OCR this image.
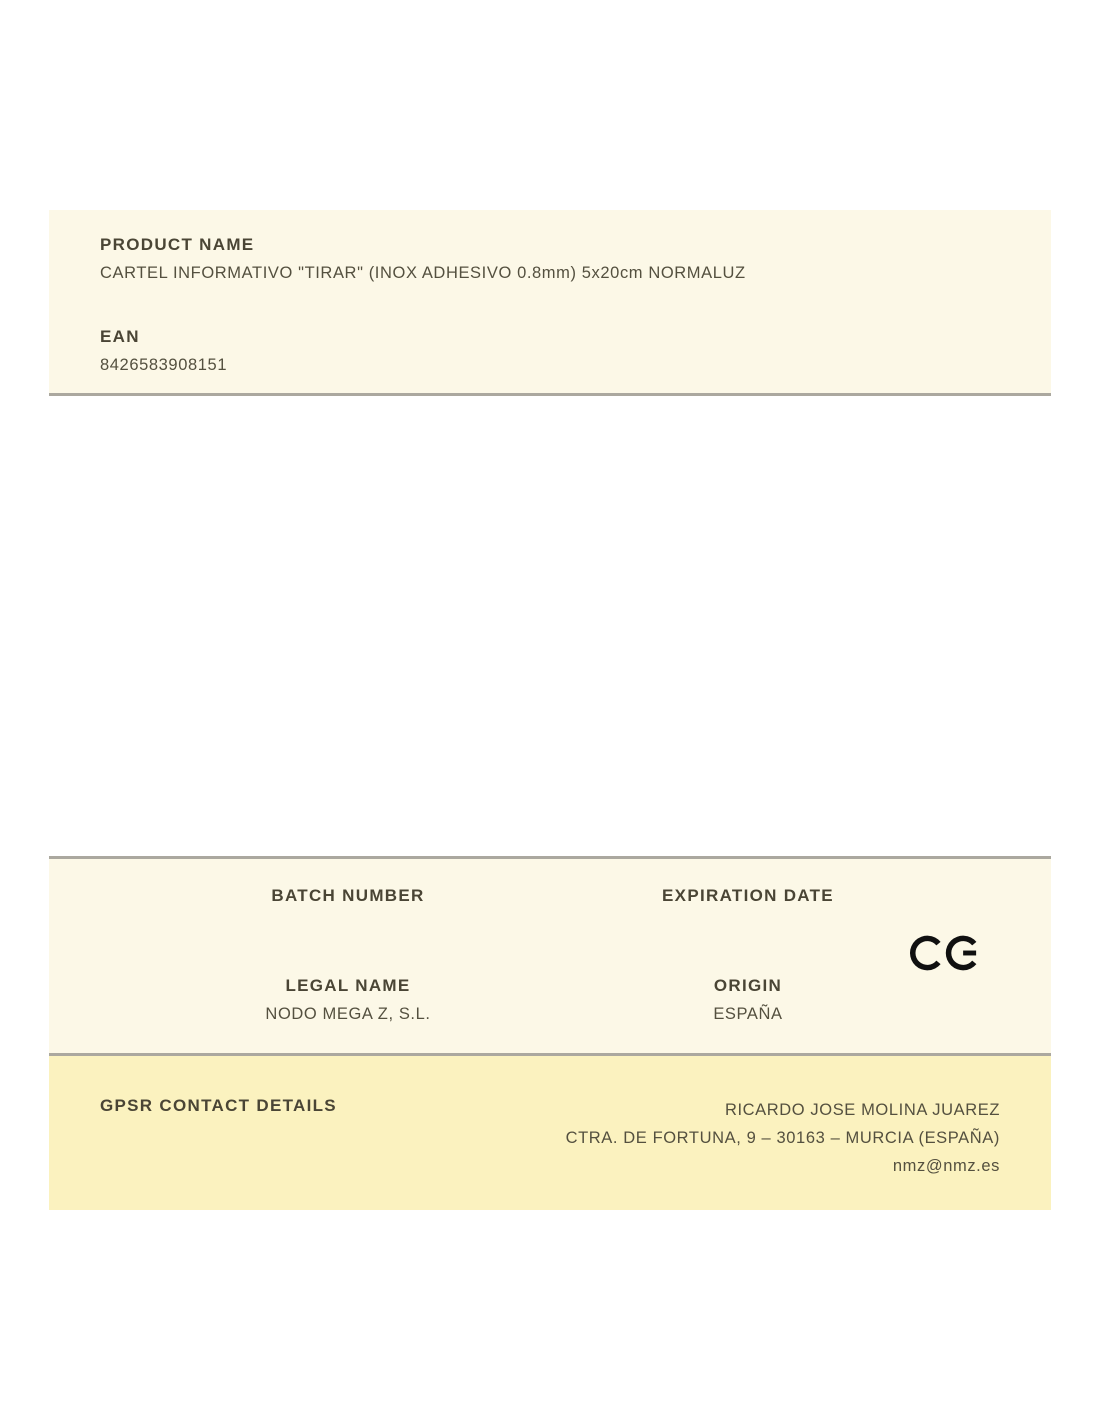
PRODUCT NAME
CARTEL INFORMATIVO "TIRAR" (INOX ADHESIVO 0.8mm) 5x20cm NORMALUZ
EAN
8426583908151
BATCH NUMBER	EXPIRATION DATE
LEGAL NAME
NODO MEGA Z, S.L.
ORIGIN
ESPAÑA
GPSR CONTACT DETAILS	RICARDO JOSE MOLINA JUAREZ
CTRA. DE FORTUNA, 9 – 30163 – MURCIA (ESPAÑA)
nmz@nmz.es
